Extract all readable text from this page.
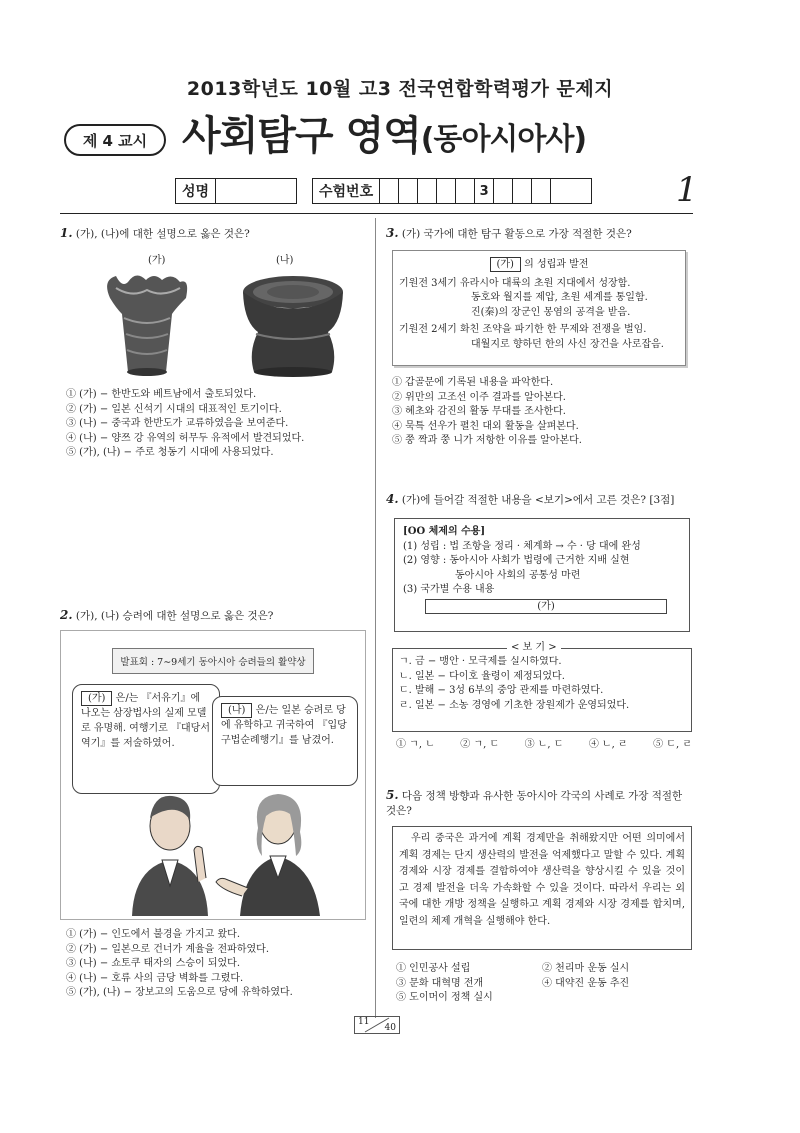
2013학년도 10월 고3 전국연합학력평가 문제지
제 4 교시 사회탐구 영역(동아시아사)
성명	수험번호	3	1
1. (가), (나)에 대한 설명으로 옳은 것은?
(가)	(나)
① (가) − 한반도와 베트남에서 출토되었다.
② (가) − 일본 신석기 시대의 대표적인 토기이다.
③ (나) − 중국과 한반도가 교류하였음을 보여준다.
④ (나) − 양쯔 강 유역의 허무두 유적에서 발견되었다.
⑤ (가), (나) − 주로 청동기 시대에 사용되었다.
2. (가), (나) 승려에 대한 설명으로 옳은 것은?
발표회 : 7∼9세기 동아시아 승려들의 활약상
(가) 은/는 『서유기』에 나오는 삼장법사의 실제 모델로 유명해. 여행기로 『대당서역기』를 저술하였어.
(나) 은/는 일본 승려로 당에 유학하고 귀국하여 『입당구법순례행기』를 남겼어.
① (가) − 인도에서 불경을 가지고 왔다.
② (가) − 일본으로 건너가 계율을 전파하였다.
③ (나) − 쇼토쿠 태자의 스승이 되었다.
④ (나) − 호류 사의 금당 벽화를 그렸다.
⑤ (가), (나) − 장보고의 도움으로 당에 유학하였다.
3. (가) 국가에 대한 탐구 활동으로 가장 적절한 것은?
(가) 의 성립과 발전
기원전 3세기 유라시아 대륙의 초원 지대에서 성장함.
동호와 월지를 제압, 초원 세계를 통일함.
진(秦)의 장군인 몽염의 공격을 받음.
기원전 2세기 화친 조약을 파기한 한 무제와 전쟁을 벌임.
대월지로 향하던 한의 사신 장건을 사로잡음.
① 갑골문에 기록된 내용을 파악한다.
② 위만의 고조선 이주 결과를 알아본다.
③ 혜초와 감진의 활동 무대를 조사한다.
④ 묵특 선우가 펼친 대외 활동을 살펴본다.
⑤ 쭝 짝과 쭝 니가 저항한 이유를 알아본다.
4. (가)에 들어갈 적절한 내용을 <보기>에서 고른 것은? [3점]
[OO 체제의 수용]
(1) 성립 : 법 조항을 정리 · 체계화 → 수 · 당 대에 완성
(2) 영향 : 동아시아 사회가 법령에 근거한 지배 실현
동아시아 사회의 공통성 마련
(3) 국가별 수용 내용
(가)
< 보 기 >
ㄱ. 금 − 맹안 · 모극제를 실시하였다.
ㄴ. 일본 − 다이호 율령이 제정되었다.
ㄷ. 발해 − 3성 6부의 중앙 관제를 마련하였다.
ㄹ. 일본 − 소농 경영에 기초한 장원제가 운영되었다.
① ㄱ, ㄴ	② ㄱ, ㄷ	③ ㄴ, ㄷ	④ ㄴ, ㄹ	⑤ ㄷ, ㄹ
5. 다음 정책 방향과 유사한 동아시아 각국의 사례로 가장 적절한 것은?
우리 중국은 과거에 계획 경제만을 취해왔지만 어떤 의미에서 계획 경제는 단지 생산력의 발전을 억제했다고 말할 수 있다. 계획 경제와 시장 경제를 결합하여야 생산력을 향상시킬 수 있을 것이고 경제 발전을 더욱 가속화할 수 있을 것이다. 따라서 우리는 외국에 대한 개방 정책을 실행하고 계획 경제와 시장 경제를 합치며, 일련의 체제 개혁을 실행해야 한다.
① 인민공사 설립
③ 문화 대혁명 전개
⑤ 도이머이 정책 실시
② 천리마 운동 실시
④ 대약진 운동 추진
11
40
